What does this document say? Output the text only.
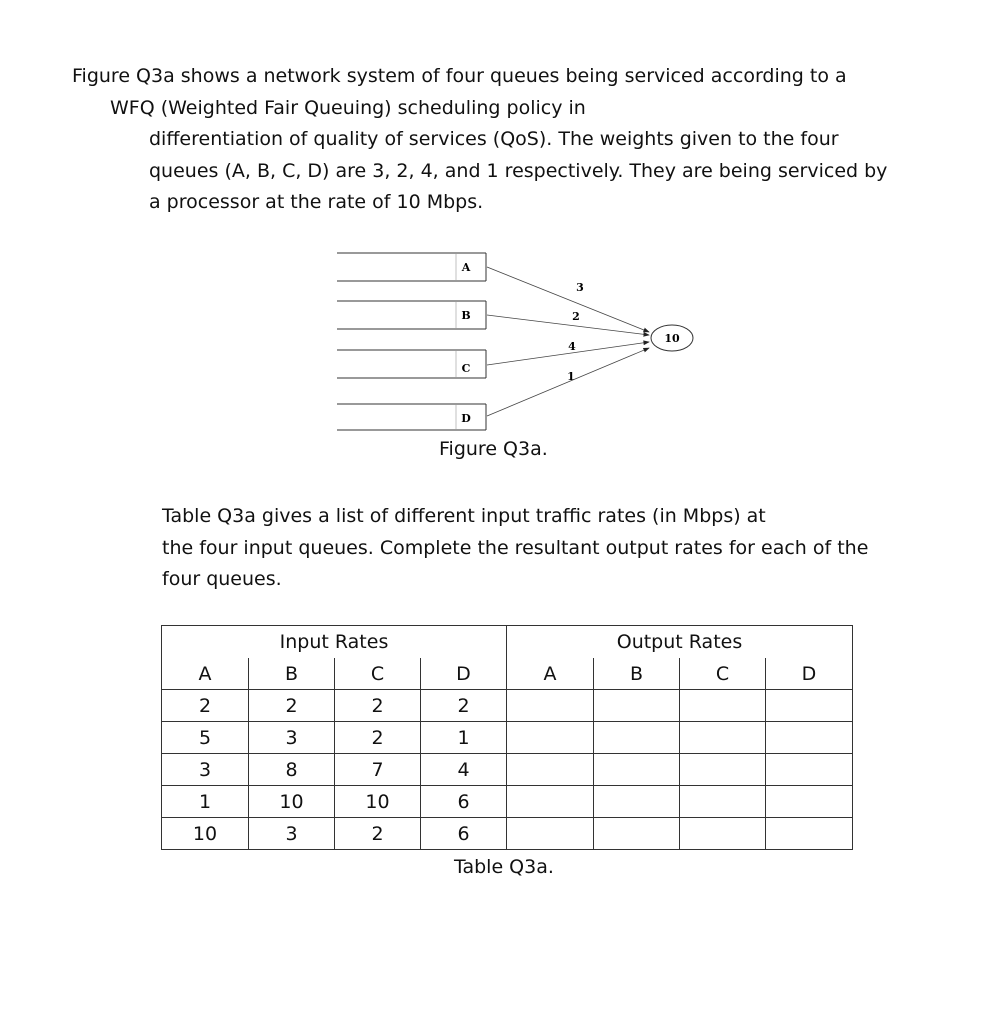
Figure Q3a shows a network system of four queues being serviced according to a
WFQ (Weighted Fair Queuing) scheduling policy in
differentiation of quality of services (QoS). The weights given to the four
queues (A, B, C, D) are 3, 2, 4, and 1 respectively. They are being serviced by
a processor at the rate of 10 Mbps.
A
B
C
D
3
2
4
1
10
Figure Q3a.
Table Q3a gives a list of different input traffic rates (in Mbps) at
the four input queues. Complete the resultant output rates for each of the
four queues.
Input Rates				Output Rates			
A	B	C	D	A	B	C	D
2	2	2	2				
5	3	2	1				
3	8	7	4				
1	10	10	6				
10	3	2	6				
Table Q3a.
